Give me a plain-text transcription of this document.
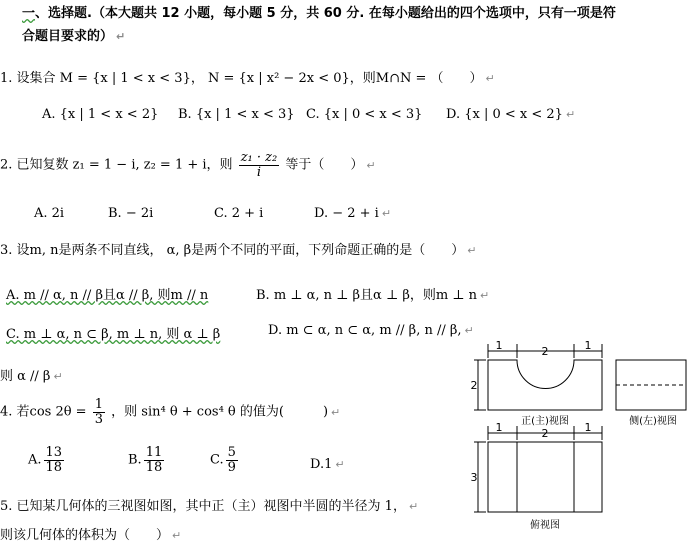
一、选择题.（本大题共 12 小题，每小题 5 分，共 60 分. 在每小题给出的四个选项中，只有一项是符
合题目要求的） ↵
1. 设集合 M = {x | 1 < x < 3}， N = {x | x² − 2x < 0}，则M∩N = （　　） ↵
A. {x | 1 < x < 2} B. {x | 1 < x < 3} C. {x | 0 < x < 3} D. {x | 0 < x < 2} ↵
2. 已知复数 z₁ = 1 − i, z₂ = 1 + i，则 $\frac{\text{z₁ · z₂}}{i}$ 等于（　　） ↵
A. 2i	B. − 2i	C. 2 + i	D. − 2 + i ↵
3. 设m, n是两条不同直线， α, β是两个不同的平面，下列命题正确的是（　　） ↵
A. m // α, n // β且α // β, 则m // n	B. m ⊥ α, n ⊥ β且α ⊥ β，则m ⊥ n ↵
C. m ⊥ α, n ⊂ β, m ⊥ n, 则 α ⊥ β	D. m ⊂ α, n ⊂ α, m // β, n // β, ↵
则 α // β ↵
4. 若$\cos 2\theta = \frac{1}{3}$ ，则 sin⁴ θ + cos⁴ θ 的值为(　　　) ↵
A. $\frac{13}{18}$	B. $\frac{11}{18}$	C. $\frac{5}{9}$	D.1 ↵
5. 已知某几何体的三视图如图，其中正（主）视图中半圆的半径为 1， ↵
则该几何体的体积为（　　） ↵
1	2	1
2
1	2	1
3
正(主)视图	侧(左)视图
俯视图
